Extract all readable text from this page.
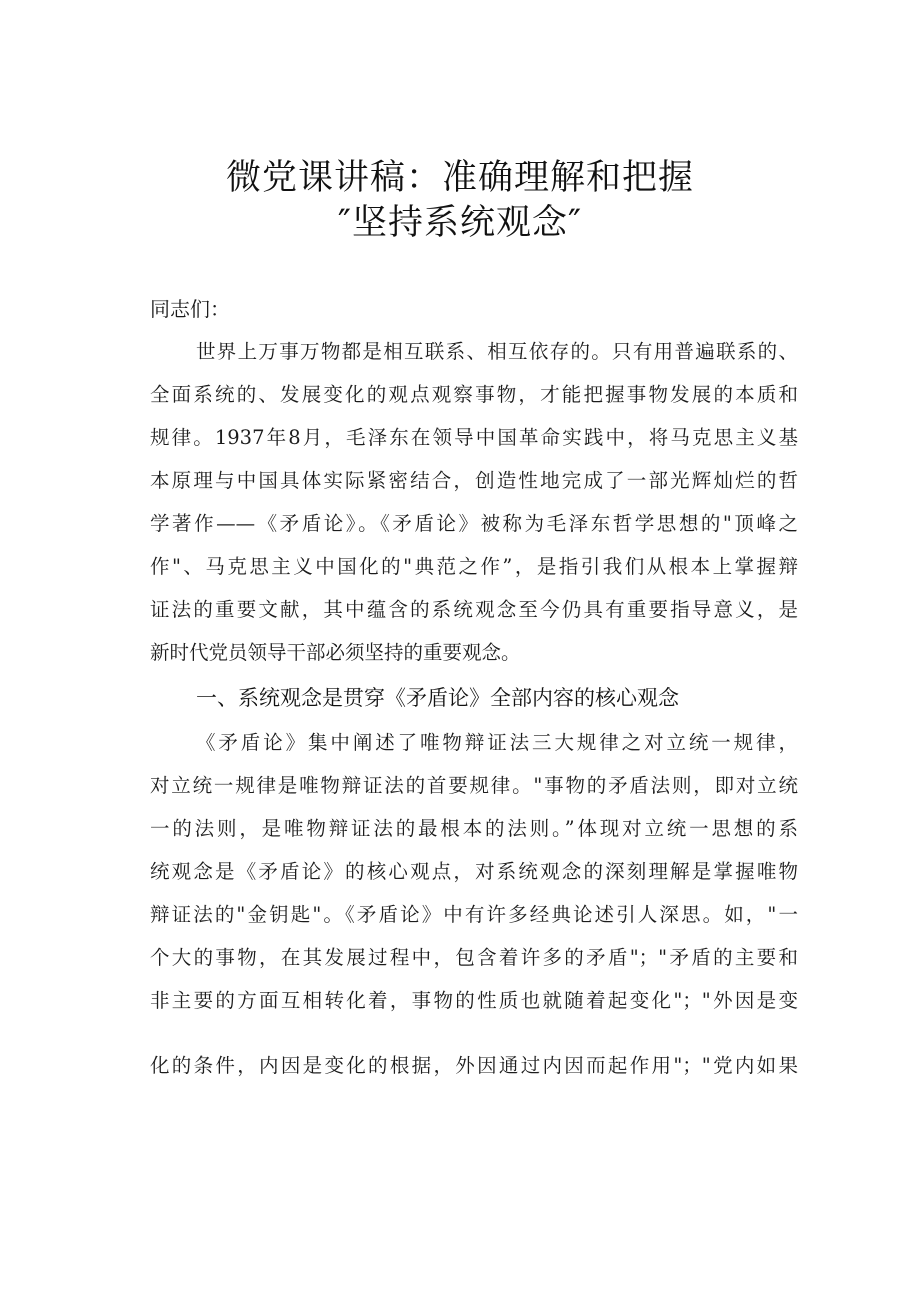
微党课讲稿：准确理解和把握
″坚持系统观念″
同志们：
世界上万事万物都是相互联系、相互依存的。只有用普遍联系的、
全面系统的、发展变化的观点观察事物，才能把握事物发展的本质和
规律。1937年8月，毛泽东在领导中国革命实践中，将马克思主义基
本原理与中国具体实际紧密结合，创造性地完成了一部光辉灿烂的哲
学著作——《矛盾论》。《矛盾论》被称为毛泽东哲学思想的"顶峰之
作"、马克思主义中国化的"典范之作”，是指引我们从根本上掌握辩
证法的重要文献，其中蕴含的系统观念至今仍具有重要指导意义，是
新时代党员领导干部必须坚持的重要观念。
一、系统观念是贯穿《矛盾论》全部内容的核心观念
《矛盾论》集中阐述了唯物辩证法三大规律之对立统一规律，
对立统一规律是唯物辩证法的首要规律。"事物的矛盾法则，即对立统
一的法则，是唯物辩证法的最根本的法则。”体现对立统一思想的系
统观念是《矛盾论》的核心观点，对系统观念的深刻理解是掌握唯物
辩证法的"金钥匙"。《矛盾论》中有许多经典论述引人深思。如，"一
个大的事物，在其发展过程中，包含着许多的矛盾"；"矛盾的主要和
非主要的方面互相转化着，事物的性质也就随着起变化"；"外因是变
化的条件，内因是变化的根据，外因通过内因而起作用"；"党内如果
